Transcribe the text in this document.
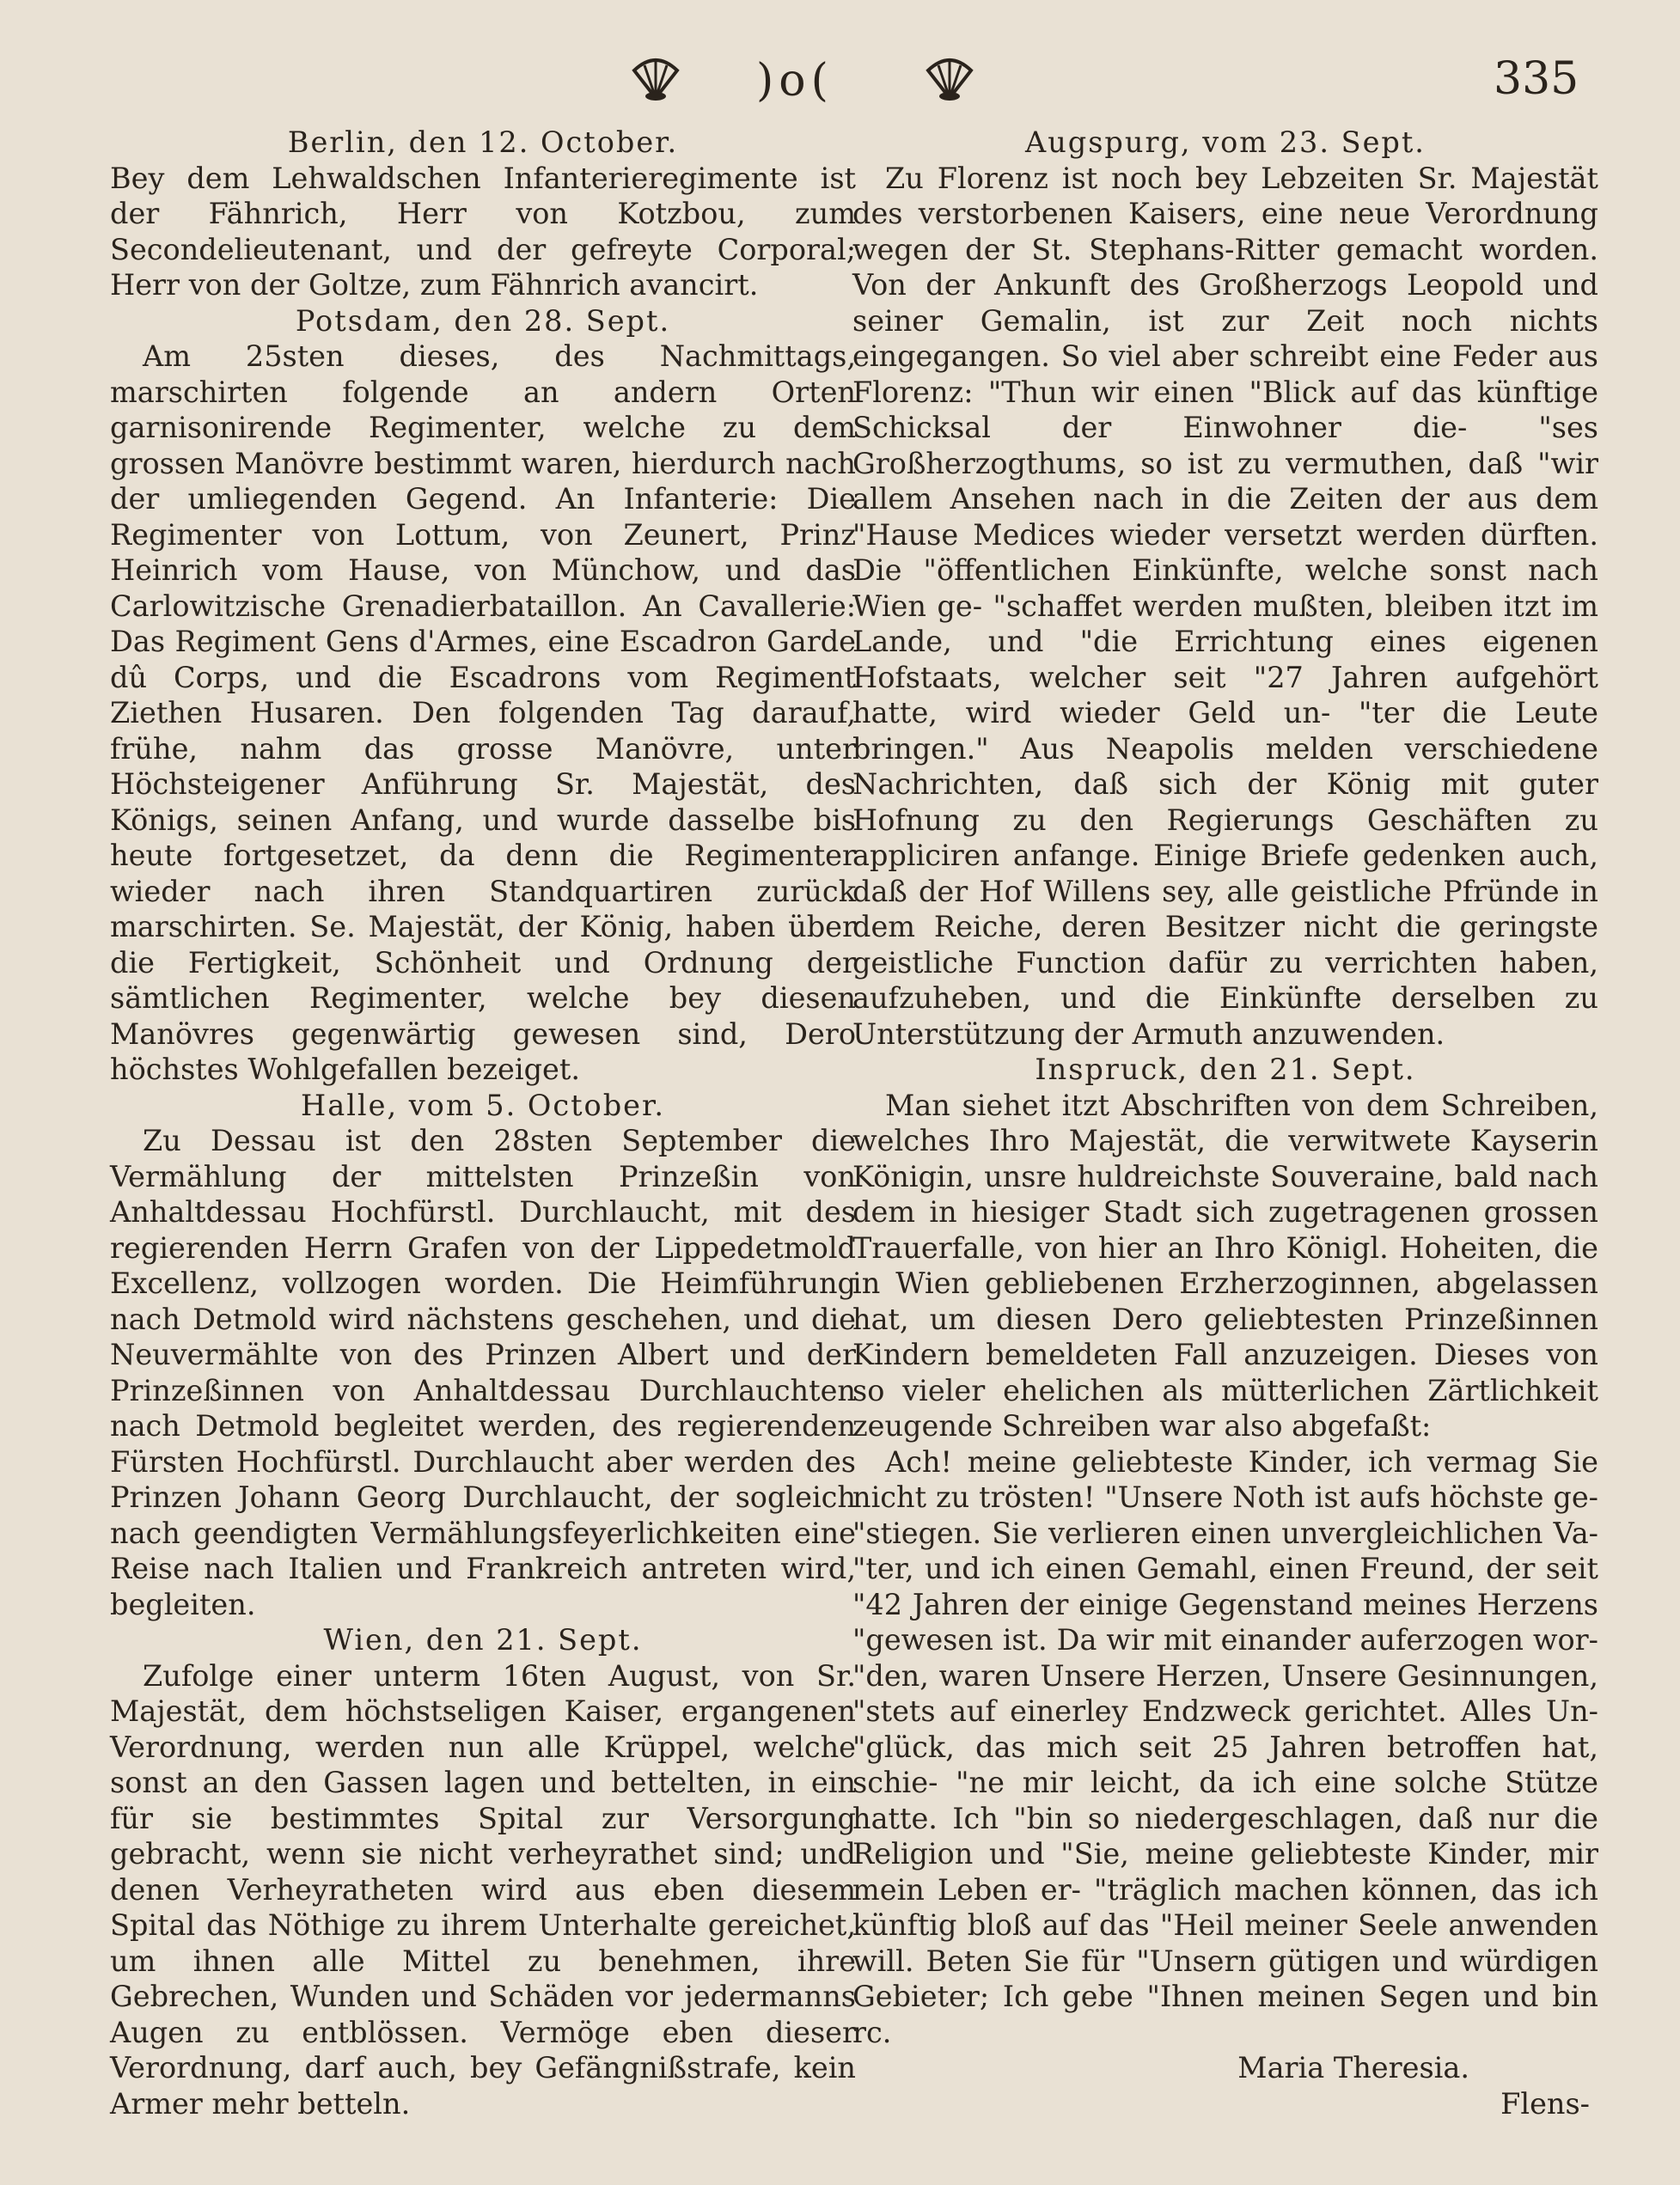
)o(	335

Berlin, den 12. October.

Bey dem Lehwaldschen Infanterieregimente ist der Fähnrich, Herr von Kotzbou, zum Secondelieutenant, und der gefreyte Corporal; Herr von der Goltze, zum Fähnrich avancirt.

Potsdam, den 28. Sept.

Am 25sten dieses, des Nachmittags, marschirten folgende an andern Orten garnisonirende Regimenter, welche zu dem grossen Manövre bestimmt waren, hierdurch nach der umliegenden Gegend. An Infanterie: Die Regimenter von Lottum, von Zeunert, Prinz Heinrich vom Hause, von Münchow, und das Carlowitzische Grenadierbataillon. An Cavallerie: Das Regiment Gens d'Armes, eine Escadron Garde dû Corps, und die Escadrons vom Regiment Ziethen Husaren. Den folgenden Tag darauf, frühe, nahm das grosse Manövre, unter Höchsteigener Anführung Sr. Majestät, des Königs, seinen Anfang, und wurde dasselbe bis heute fortgesetzet, da denn die Regimenter wieder nach ihren Standquartiren zurück marschirten. Se. Majestät, der König, haben über die Fertigkeit, Schönheit und Ordnung der sämtlichen Regimenter, welche bey diesen Manövres gegenwärtig gewesen sind, Dero höchstes Wohlgefallen bezeiget.

Halle, vom 5. October.

Zu Dessau ist den 28sten September die Vermählung der mittelsten Prinzeßin von Anhaltdessau Hochfürstl. Durchlaucht, mit des regierenden Herrn Grafen von der Lippedetmold Excellenz, vollzogen worden. Die Heimführung nach Detmold wird nächstens geschehen, und die Neuvermählte von des Prinzen Albert und der Prinzeßinnen von Anhaltdessau Durchlauchten nach Detmold begleitet werden, des regierenden Fürsten Hochfürstl. Durchlaucht aber werden des Prinzen Johann Georg Durchlaucht, der sogleich nach geendigten Vermählungsfeyerlichkeiten eine Reise nach Italien und Frankreich antreten wird, begleiten.

Wien, den 21. Sept.

Zufolge einer unterm 16ten August, von Sr. Majestät, dem höchstseligen Kaiser, ergangenen Verordnung, werden nun alle Krüppel, welche sonst an den Gassen lagen und bettelten, in ein für sie bestimmtes Spital zur Versorgung gebracht, wenn sie nicht verheyrathet sind; und denen Verheyratheten wird aus eben diesem Spital das Nöthige zu ihrem Unterhalte gereichet, um ihnen alle Mittel zu benehmen, ihre Gebrechen, Wunden und Schäden vor jedermanns Augen zu entblössen. Vermöge eben dieser Verordnung, darf auch, bey Gefängnißstrafe, kein Armer mehr betteln.

Augspurg, vom 23. Sept.

Zu Florenz ist noch bey Lebzeiten Sr. Majestät des verstorbenen Kaisers, eine neue Verordnung wegen der St. Stephans-Ritter gemacht worden. Von der Ankunft des Großherzogs Leopold und seiner Gemalin, ist zur Zeit noch nichts eingegangen. So viel aber schreibt eine Feder aus Florenz: "Thun wir einen "Blick auf das künftige Schicksal der Einwohner die- "ses Großherzogthums, so ist zu vermuthen, daß "wir allem Ansehen nach in die Zeiten der aus dem "Hause Medices wieder versetzt werden dürften. Die "öffentlichen Einkünfte, welche sonst nach Wien ge- "schaffet werden mußten, bleiben itzt im Lande, und "die Errichtung eines eigenen Hofstaats, welcher seit "27 Jahren aufgehört hatte, wird wieder Geld un- "ter die Leute bringen." Aus Neapolis melden verschiedene Nachrichten, daß sich der König mit guter Hofnung zu den Regierungs Geschäften zu appliciren anfange. Einige Briefe gedenken auch, daß der Hof Willens sey, alle geistliche Pfründe in dem Reiche, deren Besitzer nicht die geringste geistliche Function dafür zu verrichten haben, aufzuheben, und die Einkünfte derselben zu Unterstützung der Armuth anzuwenden.

Inspruck, den 21. Sept.

Man siehet itzt Abschriften von dem Schreiben, welches Ihro Majestät, die verwitwete Kayserin Königin, unsre huldreichste Souveraine, bald nach dem in hiesiger Stadt sich zugetragenen grossen Trauerfalle, von hier an Ihro Königl. Hoheiten, die in Wien gebliebenen Erzherzoginnen, abgelassen hat, um diesen Dero geliebtesten Prinzeßinnen Kindern bemeldeten Fall anzuzeigen. Dieses von so vieler ehelichen als mütterlichen Zärtlichkeit zeugende Schreiben war also abgefaßt:

Ach! meine geliebteste Kinder, ich vermag Sie nicht zu trösten! "Unsere Noth ist aufs höchste ge- "stiegen. Sie verlieren einen unvergleichlichen Va- "ter, und ich einen Gemahl, einen Freund, der seit "42 Jahren der einige Gegenstand meines Herzens "gewesen ist. Da wir mit einander auferzogen wor- "den, waren Unsere Herzen, Unsere Gesinnungen, "stets auf einerley Endzweck gerichtet. Alles Un- "glück, das mich seit 25 Jahren betroffen hat, schie- "ne mir leicht, da ich eine solche Stütze hatte. Ich "bin so niedergeschlagen, daß nur die Religion und "Sie, meine geliebteste Kinder, mir mein Leben er- "träglich machen können, das ich künftig bloß auf das "Heil meiner Seele anwenden will. Beten Sie für "Unsern gütigen und würdigen Gebieter; Ich gebe "Ihnen meinen Segen und bin rc.

Maria Theresia.

Flens-
